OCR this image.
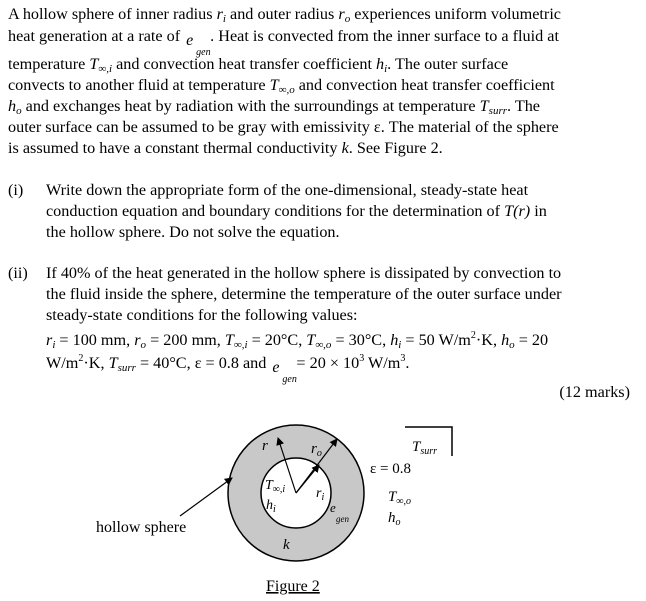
A hollow sphere of inner radius $r_i$ and outer radius $r_o$ experiences uniform volumetric
heat generation at a rate of e
gen
. Heat is convected from the inner surface to a fluid at
temperature $T_{\infty,i}$ and convection heat transfer coefficient $h_i$. The outer surface
convects to another fluid at temperature $T_{\infty,o}$ and convection heat transfer coefficient
$h_o$ and exchanges heat by radiation with the surroundings at temperature $T_{surr}$. The
outer surface can be assumed to be gray with emissivity ε. The material of the sphere
is assumed to have a constant thermal conductivity k. See Figure 2.
(i) Write down the appropriate form of the one-dimensional, steady-state heat
conduction equation and boundary conditions for the determination of T(r) in
the hollow sphere. Do not solve the equation.
(ii) If 40% of the heat generated in the hollow sphere is dissipated by convection to
the fluid inside the sphere, determine the temperature of the outer surface under
steady-state conditions for the following values:
$r_i = 100$ mm, $r_o = 200$ mm, $T_{\infty,i} = 20^\circ C$, $T_{\infty,o} = 30^\circ C$, $h_i = 50$ $W/m^2\cdot K$, $h_o = 20$
$W/m^2\cdot K$, $T_{surr} = 40^\circ C$, ε = 0.8 and e
gen
= $20 \times 10^3$ $W/m^3$.
(12 marks)
r	$r_o$
$r_i$
$T_{\infty,i}$
$h_i$	e
gen
k
$T_{surr}$
ε = 0.8
$T_{\infty,o}$
$h_o$
hollow sphere
Figure 2
